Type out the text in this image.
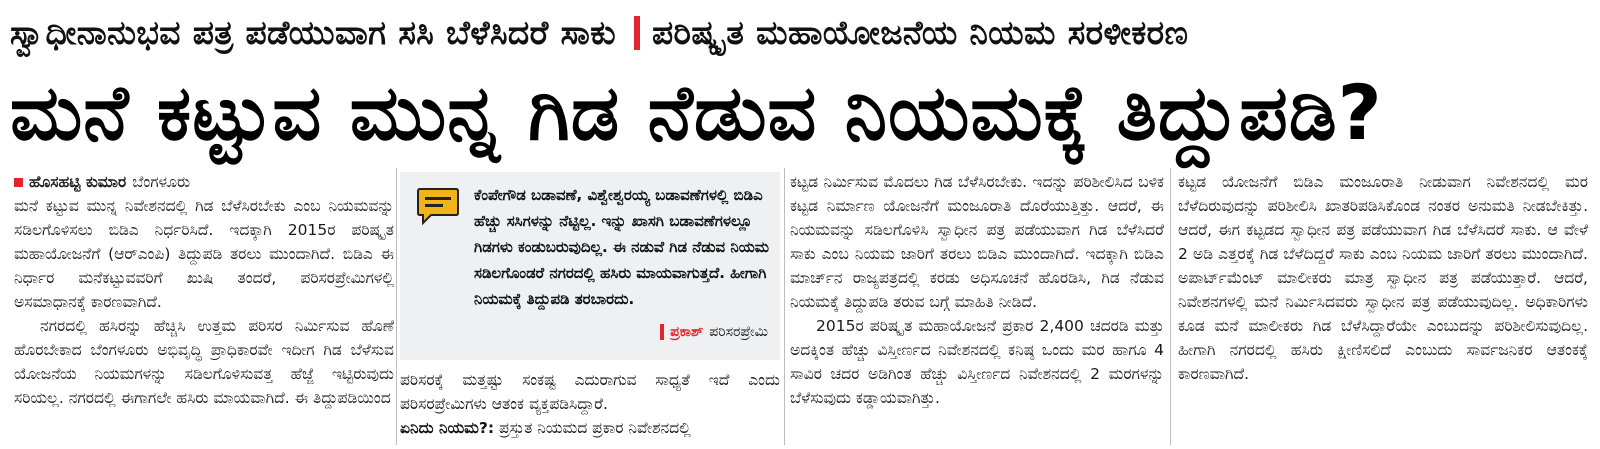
ಸ್ವಾಧೀನಾನುಭವ ಪತ್ರ ಪಡೆಯುವಾಗ ಸಸಿ ಬೆಳೆಸಿದರೆ ಸಾಕು ಪರಿಷ್ಕೃತ ಮಹಾಯೋಜನೆಯ ನಿಯಮ ಸರಳೀಕರಣ
ಮನೆ ಕಟ್ಟುವ ಮುನ್ನ ಗಿಡ ನೆಡುವ ನಿಯಮಕ್ಕೆ ತಿದ್ದುಪಡಿ?
ಹೊಸಹಟ್ಟಿ ಕುಮಾರ ಬೆಂಗಳೂರು

ಮನೆ ಕಟ್ಟುವ ಮುನ್ನ ನಿವೇಶನದಲ್ಲಿ ಗಿಡ ಬೆಳೆಸಿರಬೇಕು ಎಂಬ ನಿಯಮವನ್ನು ಸಡಿಲಗೊಳಿಸಲು ಬಿಡಿಎ ನಿರ್ಧರಿಸಿದೆ. ಇದಕ್ಕಾಗಿ 2015ರ ಪರಿಷ್ಕೃತ ಮಹಾಯೋಜನೆಗೆ (ಆರ್‌ಎಂಪಿ) ತಿದ್ದುಪಡಿ ತರಲು ಮುಂದಾಗಿದೆ. ಬಿಡಿಎ ಈ ನಿರ್ಧಾರ ಮನೆಕಟ್ಟುವವರಿಗೆ ಖುಷಿ ತಂದರೆ, ಪರಿಸರಪ್ರೇಮಿಗಳಲ್ಲಿ ಅಸಮಾಧಾನಕ್ಕೆ ಕಾರಣವಾಗಿದೆ.

ನಗರದಲ್ಲಿ ಹಸಿರನ್ನು ಹೆಚ್ಚಿಸಿ ಉತ್ತಮ ಪರಿಸರ ನಿರ್ಮಿಸುವ ಹೊಣೆ ಹೊರಬೇಕಾದ ಬೆಂಗಳೂರು ಅಭಿವೃದ್ಧಿ ಪ್ರಾಧಿಕಾರವೇ ಇದೀಗ ಗಿಡ ಬೆಳೆಸುವ ಯೋಜನೆಯ ನಿಯಮಗಳನ್ನು ಸಡಿಲಗೊಳಿಸುವತ್ತ ಹೆಜ್ಜೆ ಇಟ್ಟಿರುವುದು ಸರಿಯಲ್ಲ. ನಗರದಲ್ಲಿ ಈಗಾಗಲೇ ಹಸಿರು ಮಾಯವಾಗಿದೆ. ಈ ತಿದ್ದುಪಡಿಯಿಂದ

ಕೆಂಪೇಗೌಡ ಬಡಾವಣೆ, ವಿಶ್ವೇಶ್ವರಯ್ಯ ಬಡಾವಣೆಗಳಲ್ಲಿ ಬಿಡಿಎ ಹೆಚ್ಚು ಸಸಿಗಳನ್ನು ನೆಟ್ಟಿಲ್ಲ. ಇನ್ನು ಖಾಸಗಿ ಬಡಾವಣೆಗಳಲ್ಲೂ ಗಿಡಗಳು ಕಂಡುಬರುವುದಿಲ್ಲ. ಈ ನಡುವೆ ಗಿಡ ನೆಡುವ ನಿಯಮ ಸಡಿಲಗೊಂಡರೆ ನಗರದಲ್ಲಿ ಹಸಿರು ಮಾಯವಾಗುತ್ತದೆ. ಹೀಗಾಗಿ ನಿಯಮಕ್ಕೆ ತಿದ್ದುಪಡಿ ತರಬಾರದು.
ಪ್ರಕಾಶ್ ಪರಿಸರಪ್ರೇಮಿ

ಪರಿಸರಕ್ಕೆ ಮತ್ತಷ್ಟು ಸಂಕಷ್ಟ ಎದುರಾಗುವ ಸಾಧ್ಯತೆ ಇದೆ ಎಂದು ಪರಿಸರಪ್ರೇಮಿಗಳು ಆತಂಕ ವ್ಯಕ್ತಪಡಿಸಿದ್ದಾರೆ.

ಏನಿದು ನಿಯಮ?: ಪ್ರಸ್ತುತ ನಿಯಮದ ಪ್ರಕಾರ ನಿವೇಶನದಲ್ಲಿ

ಕಟ್ಟಡ ನಿರ್ಮಿಸುವ ಮೊದಲು ಗಿಡ ಬೆಳೆಸಿರಬೇಕು. ಇದನ್ನು ಪರಿಶೀಲಿಸಿದ ಬಳಿಕ ಕಟ್ಟಡ ನಿರ್ಮಾಣ ಯೋಜನೆಗೆ ಮಂಜೂರಾತಿ ದೊರೆಯುತ್ತಿತ್ತು. ಆದರೆ, ಈ ನಿಯಮವನ್ನು ಸಡಿಲಗೊಳಿಸಿ ಸ್ವಾಧೀನ ಪತ್ರ ಪಡೆಯುವಾಗ ಗಿಡ ಬೆಳೆಸಿದರೆ ಸಾಕು ಎಂಬ ನಿಯಮ ಜಾರಿಗೆ ತರಲು ಬಿಡಿಎ ಮುಂದಾಗಿದೆ. ಇದಕ್ಕಾಗಿ ಬಿಡಿಎ ಮಾರ್ಚ್‌ನ ರಾಜ್ಯಪತ್ರದಲ್ಲಿ ಕರಡು ಅಧಿಸೂಚನೆ ಹೊರಡಿಸಿ, ಗಿಡ ನೆಡುವ ನಿಯಮಕ್ಕೆ ತಿದ್ದುಪಡಿ ತರುವ ಬಗ್ಗೆ ಮಾಹಿತಿ ನೀಡಿದೆ.

2015ರ ಪರಿಷ್ಕೃತ ಮಹಾಯೋಜನೆ ಪ್ರಕಾರ 2,400 ಚದರಡಿ ಮತ್ತು ಅದಕ್ಕಿಂತ ಹೆಚ್ಚು ವಿಸ್ತೀರ್ಣದ ನಿವೇಶನದಲ್ಲಿ ಕನಿಷ್ಠ ಒಂದು ಮರ ಹಾಗೂ 4 ಸಾವಿರ ಚದರ ಅಡಿಗಿಂತ ಹೆಚ್ಚು ವಿಸ್ತೀರ್ಣದ ನಿವೇಶನದಲ್ಲಿ 2 ಮರಗಳನ್ನು ಬೆಳೆಸುವುದು ಕಡ್ಡಾಯವಾಗಿತ್ತು.

ಕಟ್ಟಡ ಯೋಜನೆಗೆ ಬಿಡಿಎ ಮಂಜೂರಾತಿ ನೀಡುವಾಗ ನಿವೇಶನದಲ್ಲಿ ಮರ ಬೆಳೆದಿರುವುದನ್ನು ಪರಿಶೀಲಿಸಿ ಖಾತರಿಪಡಿಸಿಕೊಂಡ ನಂತರ ಅನುಮತಿ ನೀಡಬೇಕಿತ್ತು. ಆದರೆ, ಈಗ ಕಟ್ಟಡದ ಸ್ವಾಧೀನ ಪತ್ರ ಪಡೆಯುವಾಗ ಗಿಡ ಬೆಳೆಸಿದರೆ ಸಾಕು. ಆ ವೇಳೆ 2 ಅಡಿ ಎತ್ತರಕ್ಕೆ ಗಿಡ ಬೆಳೆದಿದ್ದರೆ ಸಾಕು ಎಂಬ ನಿಯಮ ಜಾರಿಗೆ ತರಲು ಮುಂದಾಗಿದೆ. ಅಪಾರ್ಟ್‌ಮೆಂಟ್ ಮಾಲೀಕರು ಮಾತ್ರ ಸ್ವಾಧೀನ ಪತ್ರ ಪಡೆಯುತ್ತಾರೆ. ಆದರೆ, ನಿವೇಶನಗಳಲ್ಲಿ ಮನೆ ನಿರ್ಮಿಸಿದವರು ಸ್ವಾಧೀನ ಪತ್ರ ಪಡೆಯುವುದಿಲ್ಲ. ಅಧಿಕಾರಿಗಳು ಕೂಡ ಮನೆ ಮಾಲೀಕರು ಗಿಡ ಬೆಳೆಸಿದ್ದಾರೆಯೇ ಎಂಬುದನ್ನು ಪರಿಶೀಲಿಸುವುದಿಲ್ಲ. ಹೀಗಾಗಿ ನಗರದಲ್ಲಿ ಹಸಿರು ಕ್ಷೀಣಿಸಲಿದೆ ಎಂಬುದು ಸಾರ್ವಜನಿಕರ ಆತಂಕಕ್ಕೆ ಕಾರಣವಾಗಿದೆ.
